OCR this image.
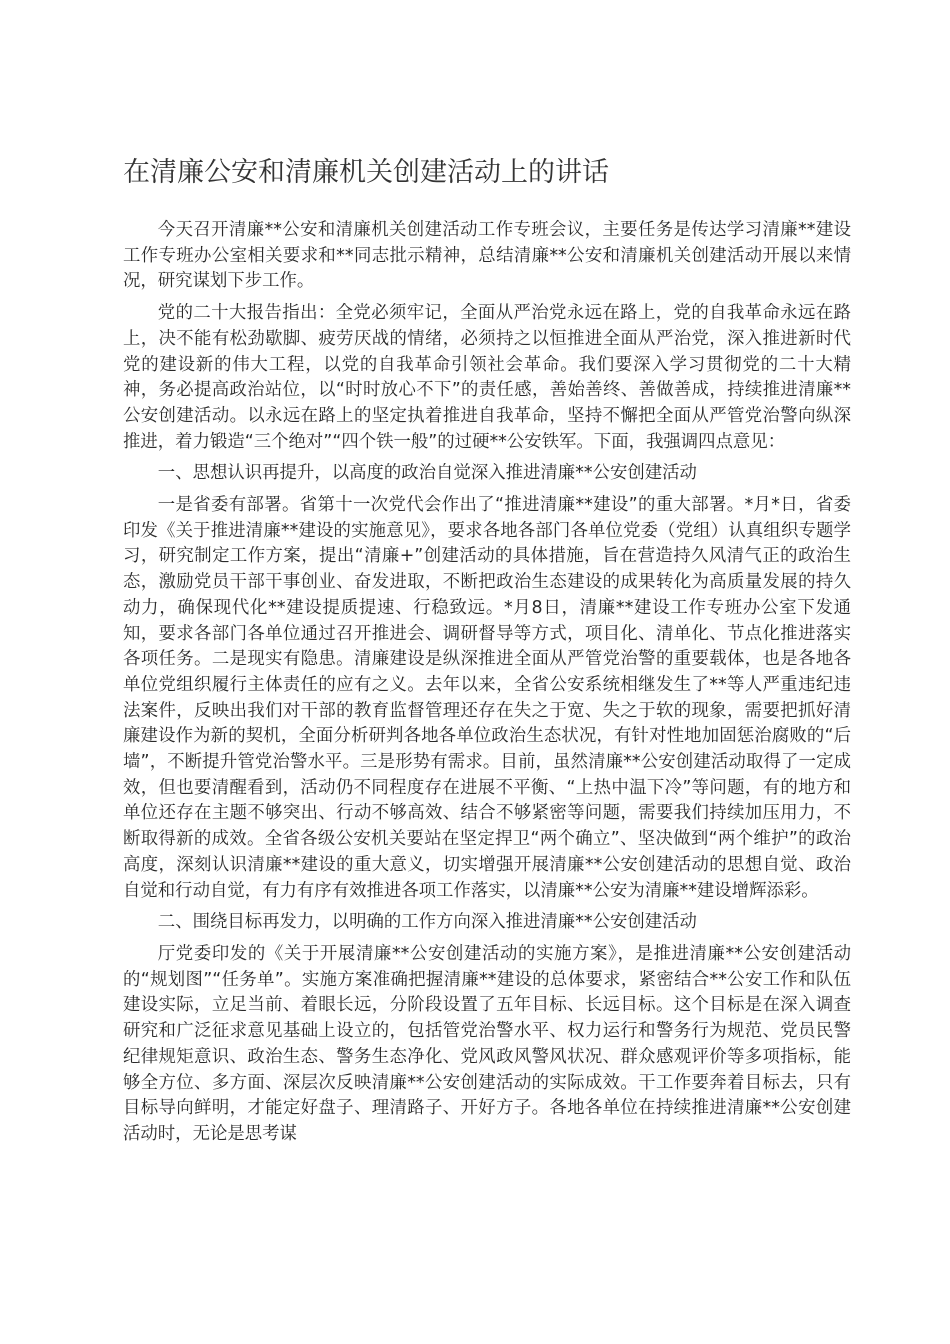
在清廉公安和清廉机关创建活动上的讲话

今天召开清廉**公安和清廉机关创建活动工作专班会议，主要任务是传达学习清廉**建设工作专班办公室相关要求和**同志批示精神，总结清廉**公安和清廉机关创建活动开展以来情况，研究谋划下步工作。

党的二十大报告指出：全党必须牢记，全面从严治党永远在路上，党的自我革命永远在路上，决不能有松劲歇脚、疲劳厌战的情绪，必须持之以恒推进全面从严治党，深入推进新时代党的建设新的伟大工程，以党的自我革命引领社会革命。我们要深入学习贯彻党的二十大精神，务必提高政治站位，以“时时放心不下”的责任感，善始善终、善做善成，持续推进清廉**公安创建活动。以永远在路上的坚定执着推进自我革命，坚持不懈把全面从严管党治警向纵深推进，着力锻造“三个绝对”“四个铁一般”的过硬**公安铁军。下面，我强调四点意见：

一、思想认识再提升，以高度的政治自觉深入推进清廉**公安创建活动

一是省委有部署。省第十一次党代会作出了“推进清廉**建设”的重大部署。*月*日，省委印发《关于推进清廉**建设的实施意见》，要求各地各部门各单位党委（党组）认真组织专题学习，研究制定工作方案，提出“清廉+”创建活动的具体措施，旨在营造持久风清气正的政治生态，激励党员干部干事创业、奋发进取，不断把政治生态建设的成果转化为高质量发展的持久动力，确保现代化**建设提质提速、行稳致远。*月8日，清廉**建设工作专班办公室下发通知，要求各部门各单位通过召开推进会、调研督导等方式，项目化、清单化、节点化推进落实各项任务。二是现实有隐患。清廉建设是纵深推进全面从严管党治警的重要载体，也是各地各单位党组织履行主体责任的应有之义。去年以来，全省公安系统相继发生了**等人严重违纪违法案件，反映出我们对干部的教育监督管理还存在失之于宽、失之于软的现象，需要把抓好清廉建设作为新的契机，全面分析研判各地各单位政治生态状况，有针对性地加固惩治腐败的“后墙”，不断提升管党治警水平。三是形势有需求。目前，虽然清廉**公安创建活动取得了一定成效，但也要清醒看到，活动仍不同程度存在进展不平衡、“上热中温下冷”等问题，有的地方和单位还存在主题不够突出、行动不够高效、结合不够紧密等问题，需要我们持续加压用力，不断取得新的成效。全省各级公安机关要站在坚定捍卫“两个确立”、坚决做到“两个维护”的政治高度，深刻认识清廉**建设的重大意义，切实增强开展清廉**公安创建活动的思想自觉、政治自觉和行动自觉，有力有序有效推进各项工作落实，以清廉**公安为清廉**建设增辉添彩。

二、围绕目标再发力，以明确的工作方向深入推进清廉**公安创建活动

厅党委印发的《关于开展清廉**公安创建活动的实施方案》，是推进清廉**公安创建活动的“规划图”“任务单”。实施方案准确把握清廉**建设的总体要求，紧密结合**公安工作和队伍建设实际，立足当前、着眼长远，分阶段设置了五年目标、长远目标。这个目标是在深入调查研究和广泛征求意见基础上设立的，包括管党治警水平、权力运行和警务行为规范、党员民警纪律规矩意识、政治生态、警务生态净化、党风政风警风状况、群众感观评价等多项指标，能够全方位、多方面、深层次反映清廉**公安创建活动的实际成效。干工作要奔着目标去，只有目标导向鲜明，才能定好盘子、理清路子、开好方子。各地各单位在持续推进清廉**公安创建活动时，无论是思考谋
